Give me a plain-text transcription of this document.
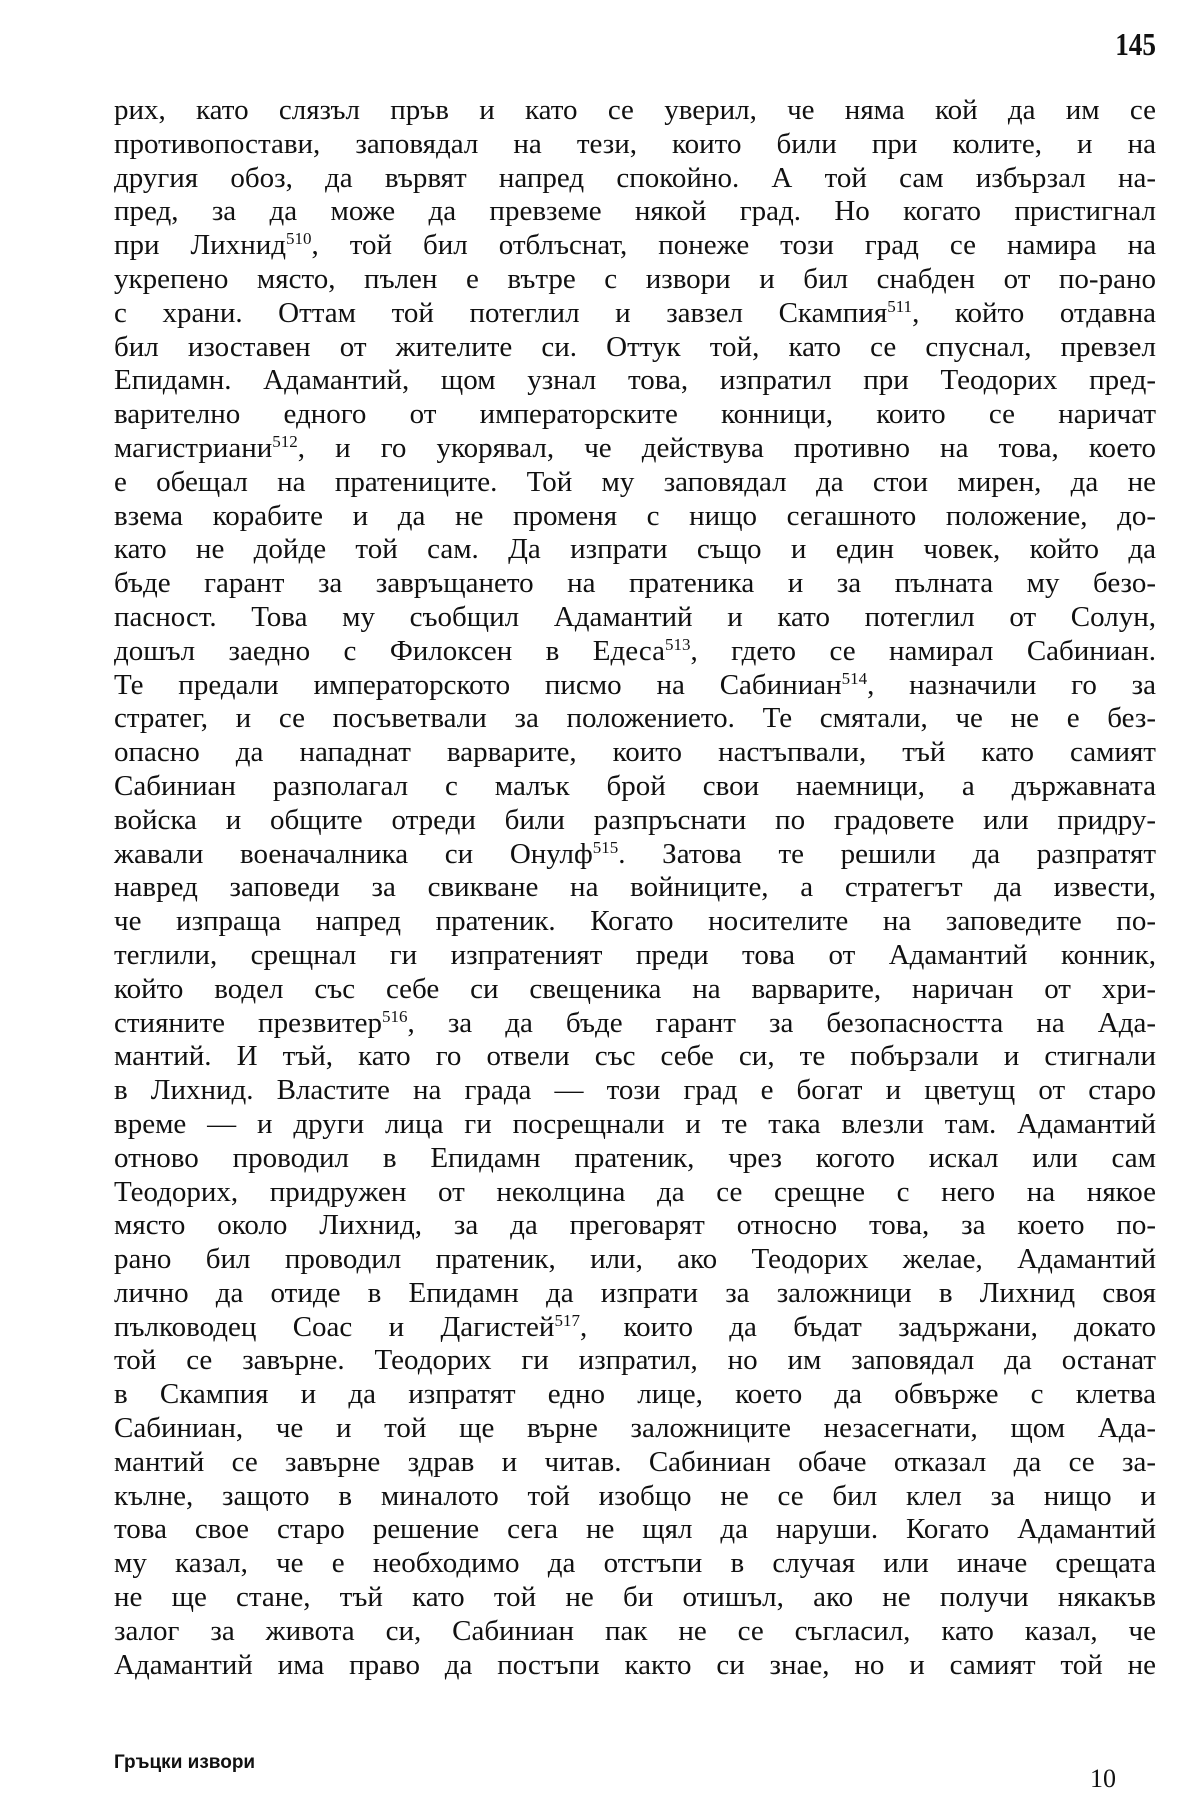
145
рих, като слязъл пръв и като се уверил, че няма кой да им се
противопостави, заповядал на тези, които били при колите, и на
другия обоз, да вървят напред спокойно. А той сам избързал на-
пред, за да може да превземе някой град. Но когато пристигнал
при Лихнид$^{510}$, той бил отблъснат, понеже този град се намира на
укрепено място, пълен е вътре с извори и бил снабден от по-рано
с храни. Оттам той потеглил и завзел Скампия$^{511}$, който отдавна
бил изоставен от жителите си. Оттук той, като се спуснал, превзел
Епидамн. Адамантий, щом узнал това, изпратил при Теодорих пред-
варително едного от императорските конници, които се наричат
магистриани$^{512}$, и го укорявал, че действува противно на това, което
е обещал на пратениците. Той му заповядал да стои мирен, да не
взема корабите и да не променя с нищо сегашното положение, до-
като не дойде той сам. Да изпрати също и един човек, който да
бъде гарант за завръщането на пратеника и за пълната му безо-
пасност. Това му съобщил Адамантий и като потеглил от Солун,
дошъл заедно с Филоксен в Едеса$^{513}$, гдето се намирал Сабиниан.
Те предали императорското писмо на Сабиниан$^{514}$, назначили го за
стратег, и се посъветвали за положението. Те смятали, че не е без-
опасно да нападнат варварите, които настъпвали, тъй като самият
Сабиниан разполагал с малък брой свои наемници, а държавната
войска и общите отреди били разпръснати по градовете или придру-
жавали военачалника си Онулф$^{515}$. Затова те решили да разпратят
навред заповеди за свикване на войниците, а стратегът да извести,
че изпраща напред пратеник. Когато носителите на заповедите по-
теглили, срещнал ги изпратеният преди това от Адамантий конник,
който водел със себе си свещеника на варварите, наричан от хри-
стияните презвитер$^{516}$, за да бъде гарант за безопасността на Ада-
мантий. И тъй, като го отвели със себе си, те побързали и стигнали
в Лихнид. Властите на града — този град е богат и цветущ от старо
време — и други лица ги посрещнали и те така влезли там. Адамантий
отново проводил в Епидамн пратеник, чрез когото искал или сам
Теодорих, придружен от неколцина да се срещне с него на някое
място около Лихнид, за да преговарят относно това, за което по-
рано бил проводил пратеник, или, ако Теодорих желае, Адамантий
лично да отиде в Епидамн да изпрати за заложници в Лихнид своя
пълководец Соас и Дагистей$^{517}$, които да бъдат задържани, докато
той се завърне. Теодорих ги изпратил, но им заповядал да останат
в Скампия и да изпратят едно лице, което да обвърже с клетва
Сабиниан, че и той ще върне заложниците незасегнати, щом Ада-
мантий се завърне здрав и читав. Сабиниан обаче отказал да се за-
кълне, защото в миналото той изобщо не се бил клел за нищо и
това свое старо решение сега не щял да наруши. Когато Адамантий
му казал, че е необходимо да отстъпи в случая или иначе срещата
не ще стане, тъй като той не би отишъл, ако не получи някакъв
залог за живота си, Сабиниан пак не се съгласил, като казал, че
Адамантий има право да постъпи както си знае, но и самият той не
Гръцки извори
10
